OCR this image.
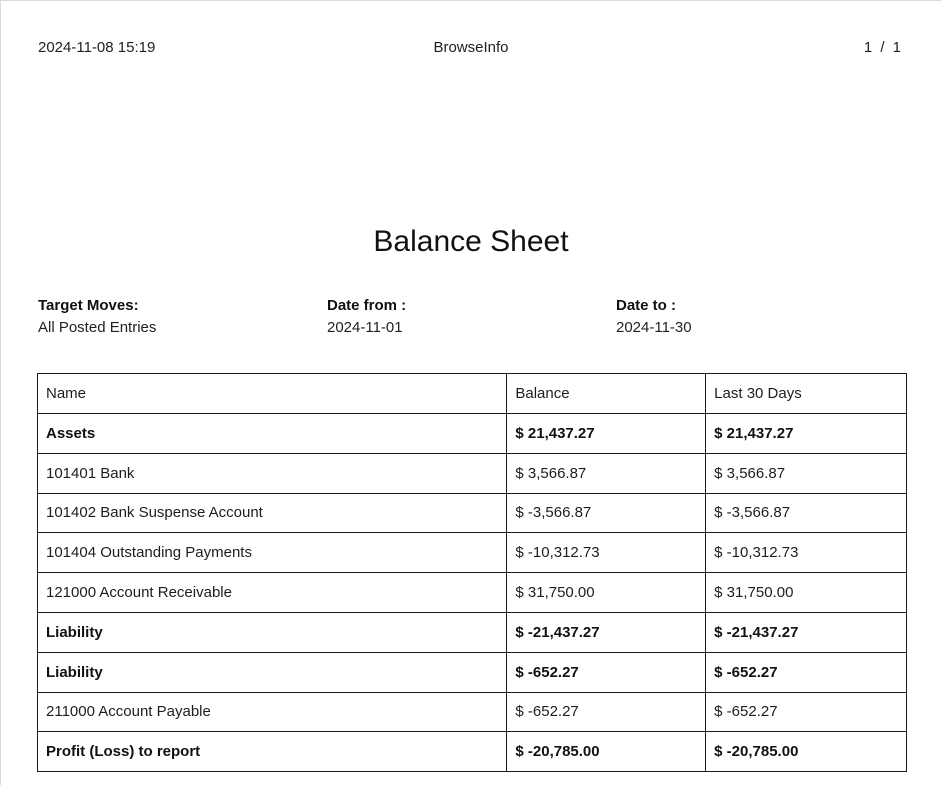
2024-11-08 15:19	BrowseInfo	1 / 1
Balance Sheet
Target Moves:
All Posted Entries
Date from :
2024-11-01
Date to :
2024-11-30
Name	Balance	Last 30 Days
Assets	$ 21,437.27	$ 21,437.27
101401 Bank	$ 3,566.87	$ 3,566.87
101402 Bank Suspense Account	$ -3,566.87	$ -3,566.87
101404 Outstanding Payments	$ -10,312.73	$ -10,312.73
121000 Account Receivable	$ 31,750.00	$ 31,750.00
Liability	$ -21,437.27	$ -21,437.27
Liability	$ -652.27	$ -652.27
211000 Account Payable	$ -652.27	$ -652.27
Profit (Loss) to report	$ -20,785.00	$ -20,785.00
